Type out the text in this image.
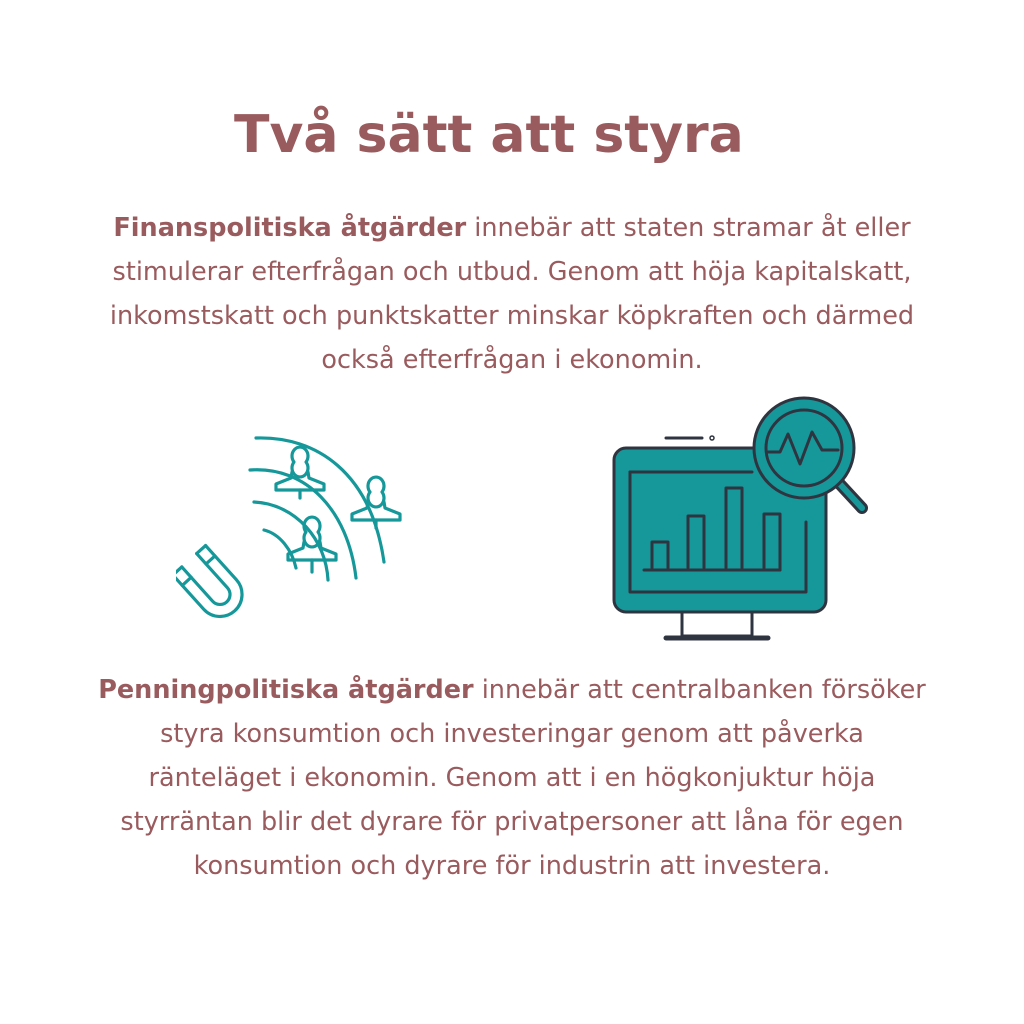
Två sätt att styra

Finanspolitiska åtgärder innebär att staten stramar åt eller stimulerar efterfrågan och utbud. Genom att höja kapitalskatt, inkomstskatt och punktskatter minskar köpkraften och därmed också efterfrågan i ekonomin.

Penningpolitiska åtgärder innebär att centralbanken försöker styra konsumtion och investeringar genom att påverka ränteläget i ekonomin. Genom att i en högkonjuktur höja styrräntan blir det dyrare för privatpersoner att låna för egen konsumtion och dyrare för industrin att investera.
